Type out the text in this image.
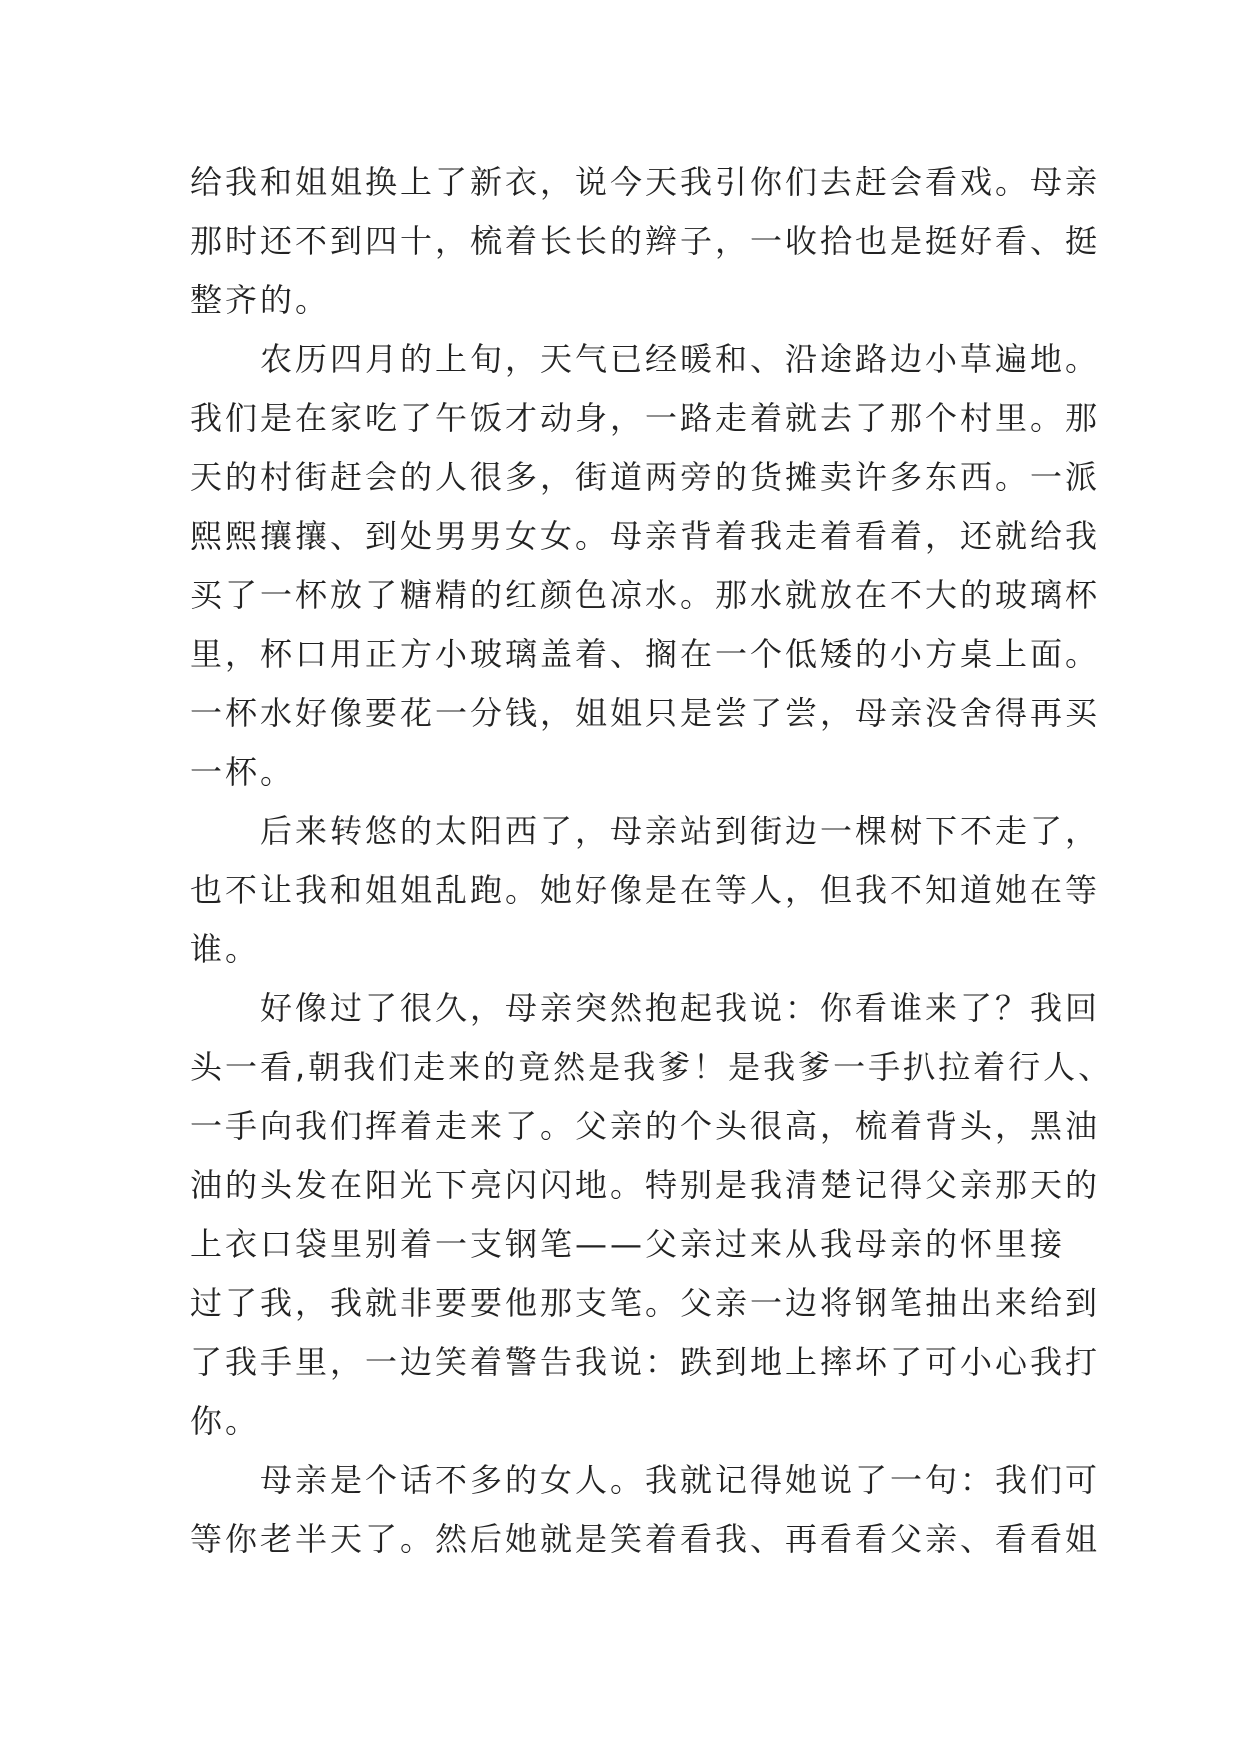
给我和姐姐换上了新衣，说今天我引你们去赶会看戏。母亲
那时还不到四十，梳着长长的辫子，一收拾也是挺好看、挺
整齐的。
农历四月的上旬，天气已经暖和、沿途路边小草遍地。
我们是在家吃了午饭才动身，一路走着就去了那个村里。那
天的村街赶会的人很多，街道两旁的货摊卖许多东西。一派
熙熙攘攘、到处男男女女。母亲背着我走着看着，还就给我
买了一杯放了糖精的红颜色凉水。那水就放在不大的玻璃杯
里，杯口用正方小玻璃盖着、搁在一个低矮的小方桌上面。
一杯水好像要花一分钱，姐姐只是尝了尝，母亲没舍得再买
一杯。
后来转悠的太阳西了，母亲站到街边一棵树下不走了，
也不让我和姐姐乱跑。她好像是在等人，但我不知道她在等
谁。
好像过了很久，母亲突然抱起我说：你看谁来了？我回
头一看,朝我们走来的竟然是我爹！是我爹一手扒拉着行人、
一手向我们挥着走来了。父亲的个头很高，梳着背头，黑油
油的头发在阳光下亮闪闪地。特别是我清楚记得父亲那天的
上衣口袋里别着一支钢笔——父亲过来从我母亲的怀里接
过了我，我就非要要他那支笔。父亲一边将钢笔抽出来给到
了我手里，一边笑着警告我说：跌到地上摔坏了可小心我打
你。
母亲是个话不多的女人。我就记得她说了一句：我们可
等你老半天了。然后她就是笑着看我、再看看父亲、看看姐
